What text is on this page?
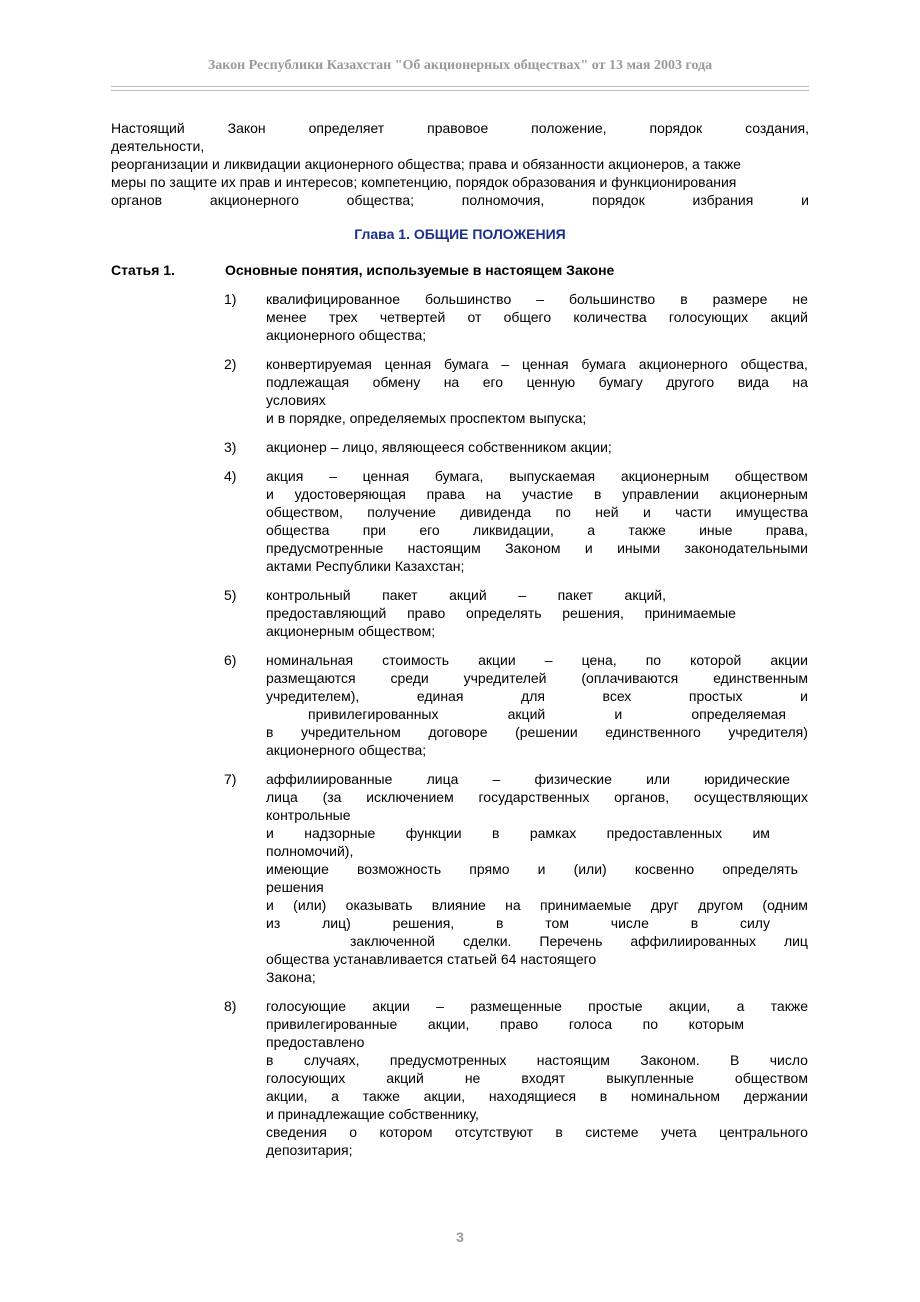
Закон Республики Казахстан "Об акционерных обществах" от 13 мая 2003 года
Настоящий	Закон	определяет	правовое	положение,	порядок	создания,
деятельности,
реорганизации и ликвидации акционерного общества; права и обязанности акционеров, а также
меры по защите их прав и интересов; компетенцию, порядок образования и функционирования
органов	акционерного	общества;	полномочия,	порядок	избрания	и
Глава 1. ОБЩИЕ ПОЛОЖЕНИЯ
Статья 1.	Основные понятия, используемые в настоящем Законе
1)	квалифицированное большинство – большинство в размере не
менее трех четвертей от общего количества голосующих акций
акционерного общества;
2)	конвертируемая ценная бумага – ценная бумага акционерного общества,
подлежащая обмену на его ценную бумагу другого вида на
условиях
и в порядке, определяемых проспектом выпуска;
3)	акционер – лицо, являющееся собственником акции;
4)	акция – ценная бумага, выпускаемая акционерным обществом
и удостоверяющая права на участие в управлении акционерным
обществом, получение дивиденда по ней и части имущества
общества при его ликвидации, а также иные права,
предусмотренные настоящим Законом и иными законодательными
актами Республики Казахстан;
5)	контрольный пакет акций – пакет акций,
предоставляющий право определять решения, принимаемые
акционерным обществом;
6)	номинальная стоимость акции – цена, по которой акции
размещаются среди учредителей (оплачиваются единственным
учредителем),	единая	для	всех	простых	и
привилегированных	акций	и	определяемая
в учредительном договоре (решении единственного учредителя)
акционерного общества;
7)	аффилиированные лица – физические или юридические
лица (за исключением государственных органов, осуществляющих
контрольные
и надзорные функции в рамках предоставленных им
полномочий),
имеющие возможность прямо и (или) косвенно определять
решения
и (или) оказывать влияние на принимаемые друг другом (одним
из	лиц)	решения,	в	том	числе	в	силу
заключенной сделки. Перечень аффилиированных лиц
общества устанавливается статьей 64 настоящего
Закона;
8)	голосующие акции – размещенные простые акции, а также
привилегированные акции, право голоса по которым
предоставлено
в случаях, предусмотренных настоящим Законом. В число
голосующих	акций	не	входят	выкупленные	обществом
акции, а также акции, находящиеся в номинальном держании
и принадлежащие собственнику,
сведения о котором отсутствуют в системе учета центрального
депозитария;
3
